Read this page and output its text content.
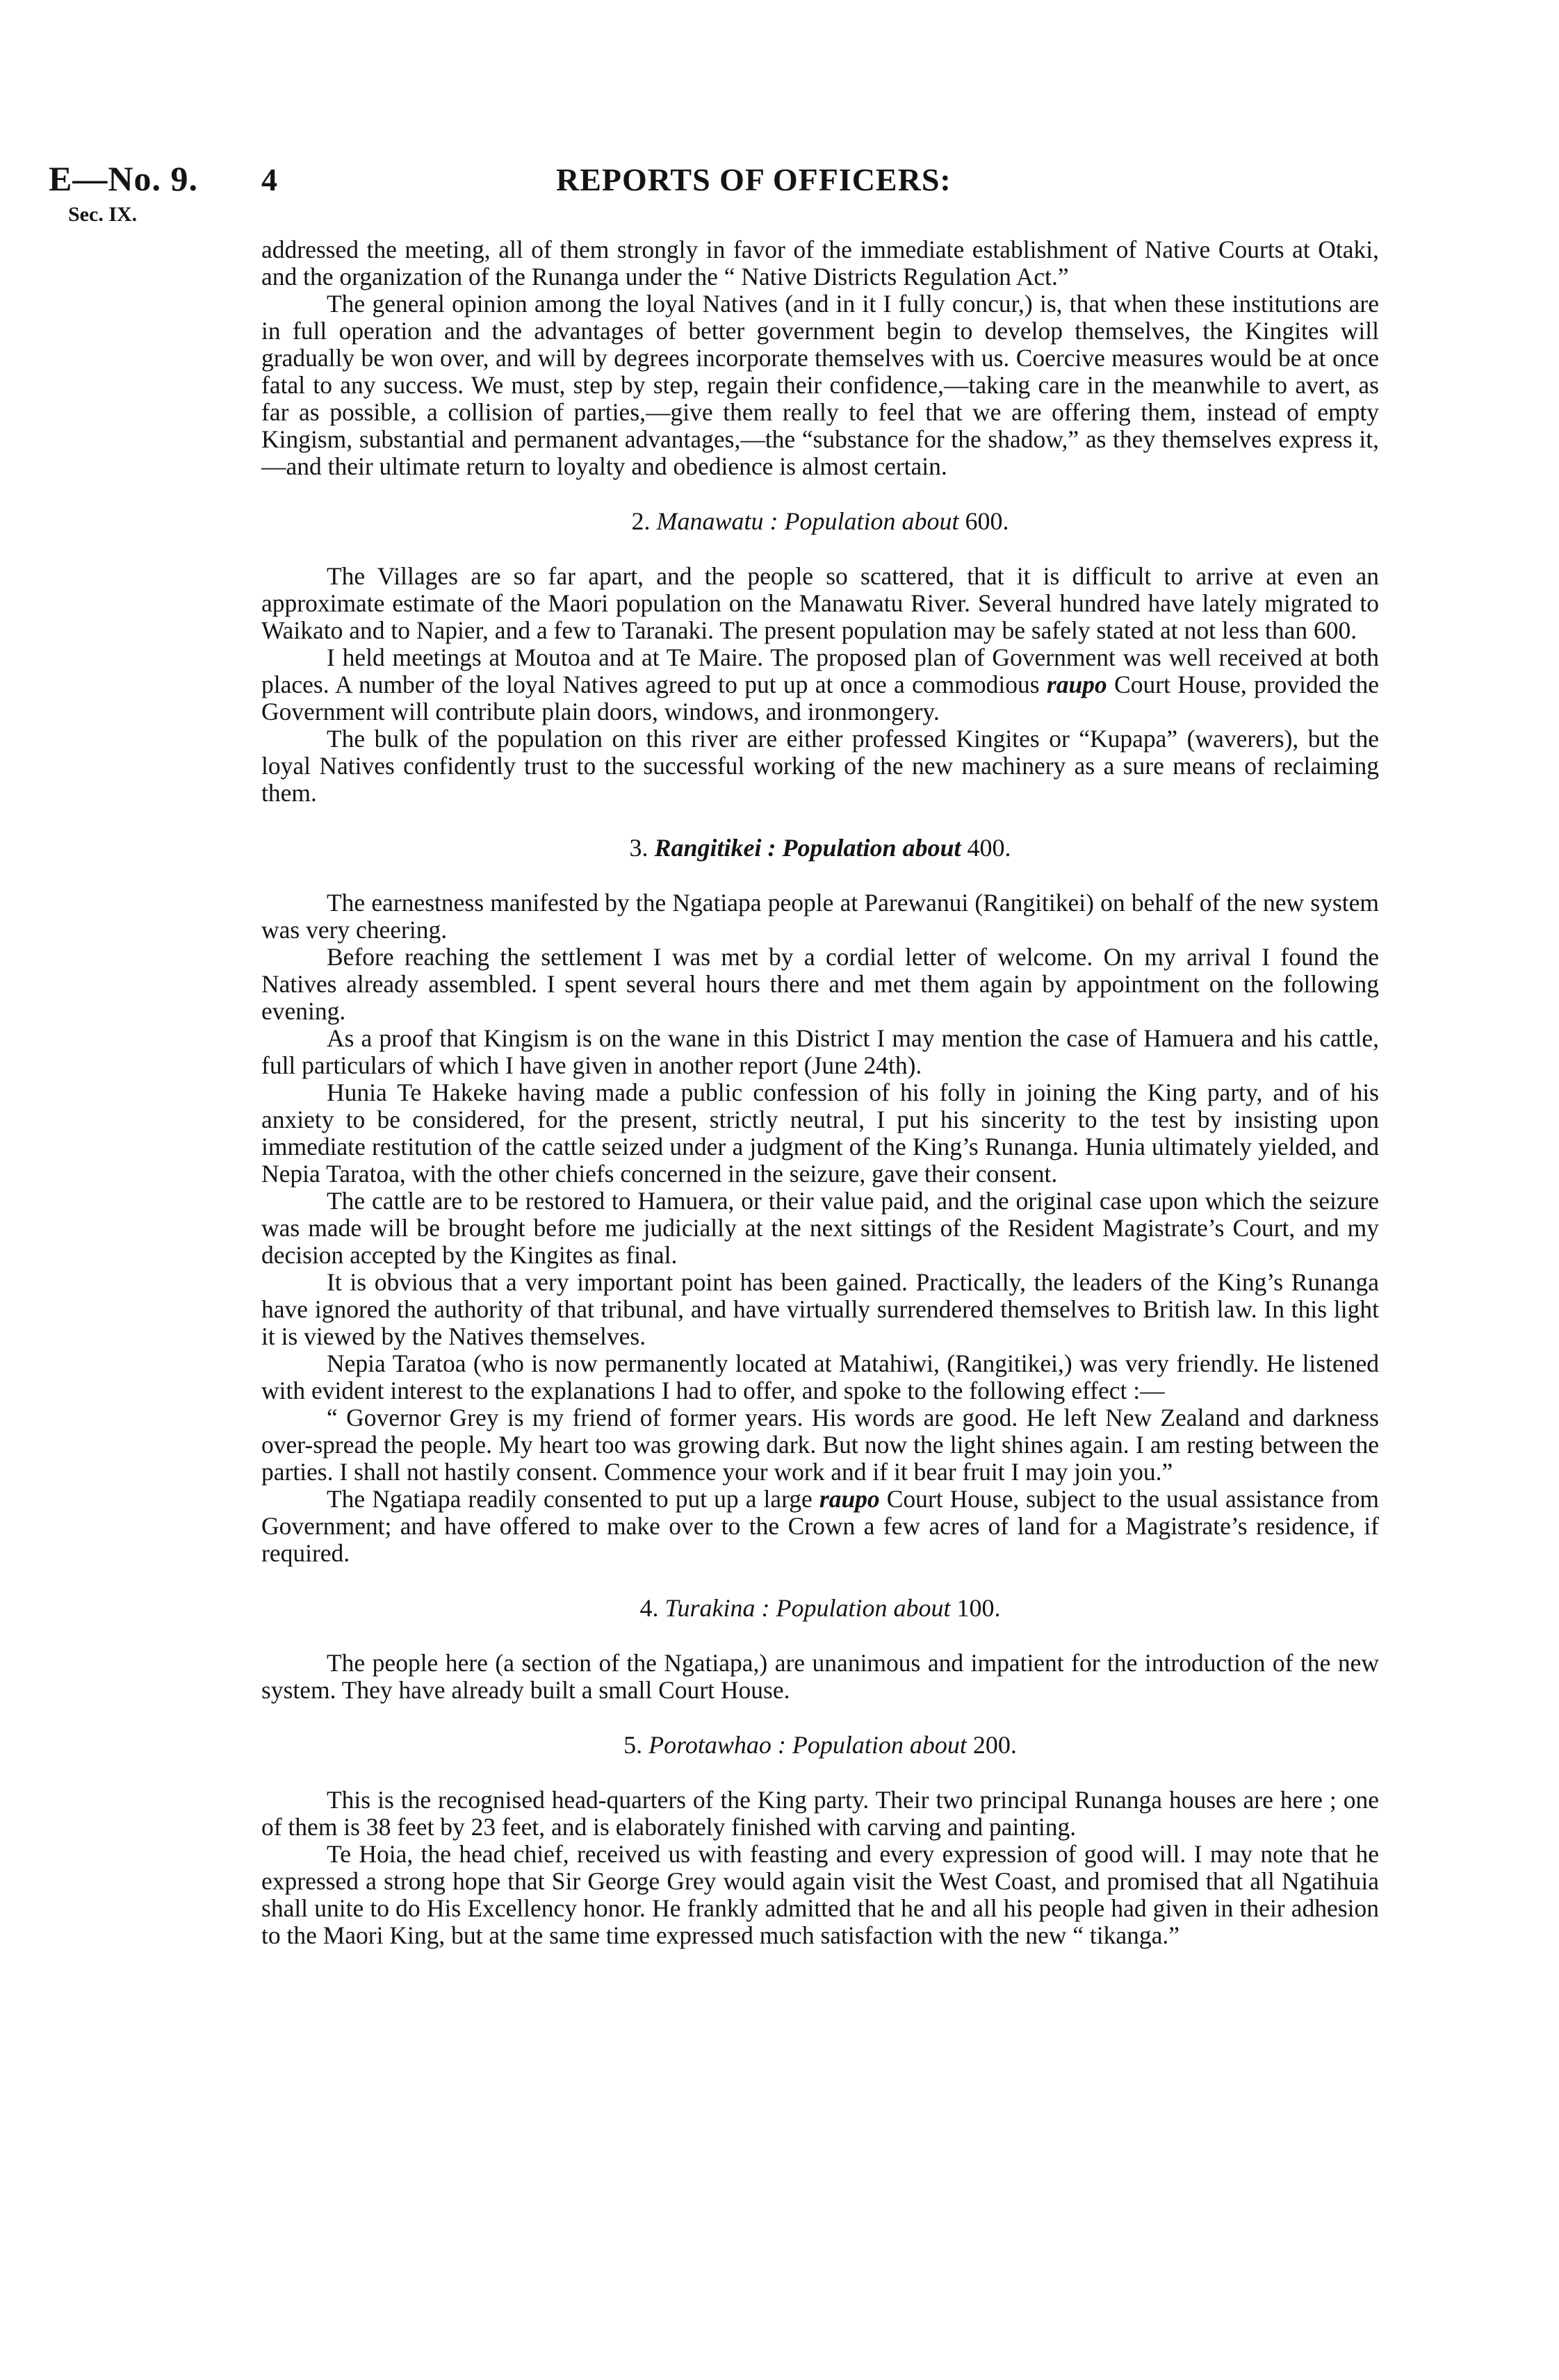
E—No. 9.
Sec. IX.
4	REPORTS OF OFFICERS:

addressed the meeting, all of them strongly in favor of the immediate establishment of Native Courts at Otaki, and the organization of the Runanga under the “ Native Districts Regulation Act.”

The general opinion among the loyal Natives (and in it I fully concur,) is, that when these institutions are in full operation and the advantages of better government begin to develop themselves, the Kingites will gradually be won over, and will by degrees incorporate themselves with us. Coercive measures would be at once fatal to any success. We must, step by step, regain their confidence,—taking care in the meanwhile to avert, as far as possible, a collision of parties,—give them really to feel that we are offering them, instead of empty Kingism, substantial and permanent advantages,—the “substance for the shadow,” as they themselves express it,—and their ultimate return to loyalty and obedience is almost certain.

2. Manawatu : Population about 600.

The Villages are so far apart, and the people so scattered, that it is difficult to arrive at even an approximate estimate of the Maori population on the Manawatu River. Several hundred have lately migrated to Waikato and to Napier, and a few to Taranaki. The present population may be safely stated at not less than 600.

I held meetings at Moutoa and at Te Maire. The proposed plan of Government was well received at both places. A number of the loyal Natives agreed to put up at once a commodious raupo Court House, provided the Government will contribute plain doors, windows, and ironmongery.

The bulk of the population on this river are either professed Kingites or “Kupapa” (waverers), but the loyal Natives confidently trust to the successful working of the new machinery as a sure means of reclaiming them.

3. Rangitikei : Population about 400.

The earnestness manifested by the Ngatiapa people at Parewanui (Rangitikei) on behalf of the new system was very cheering.

Before reaching the settlement I was met by a cordial letter of welcome. On my arrival I found the Natives already assembled. I spent several hours there and met them again by appointment on the following evening.

As a proof that Kingism is on the wane in this District I may mention the case of Hamuera and his cattle, full particulars of which I have given in another report (June 24th).

Hunia Te Hakeke having made a public confession of his folly in joining the King party, and of his anxiety to be considered, for the present, strictly neutral, I put his sincerity to the test by insisting upon immediate restitution of the cattle seized under a judgment of the King’s Runanga. Hunia ultimately yielded, and Nepia Taratoa, with the other chiefs concerned in the seizure, gave their consent.

The cattle are to be restored to Hamuera, or their value paid, and the original case upon which the seizure was made will be brought before me judicially at the next sittings of the Resident Magistrate’s Court, and my decision accepted by the Kingites as final.

It is obvious that a very important point has been gained. Practically, the leaders of the King’s Runanga have ignored the authority of that tribunal, and have virtually surrendered themselves to British law. In this light it is viewed by the Natives themselves.

Nepia Taratoa (who is now permanently located at Matahiwi, (Rangitikei,) was very friendly. He listened with evident interest to the explanations I had to offer, and spoke to the following effect :—

“ Governor Grey is my friend of former years. His words are good. He left New Zealand and darkness over-spread the people. My heart too was growing dark. But now the light shines again. I am resting between the parties. I shall not hastily consent. Commence your work and if it bear fruit I may join you.”

The Ngatiapa readily consented to put up a large raupo Court House, subject to the usual assistance from Government; and have offered to make over to the Crown a few acres of land for a Magistrate’s residence, if required.

4. Turakina : Population about 100.

The people here (a section of the Ngatiapa,) are unanimous and impatient for the introduction of the new system. They have already built a small Court House.

5. Porotawhao : Population about 200.

This is the recognised head-quarters of the King party. Their two principal Runanga houses are here ; one of them is 38 feet by 23 feet, and is elaborately finished with carving and painting.

Te Hoia, the head chief, received us with feasting and every expression of good will. I may note that he expressed a strong hope that Sir George Grey would again visit the West Coast, and promised that all Ngatihuia shall unite to do His Excellency honor. He frankly admitted that he and all his people had given in their adhesion to the Maori King, but at the same time expressed much satisfaction with the new “ tikanga.”
